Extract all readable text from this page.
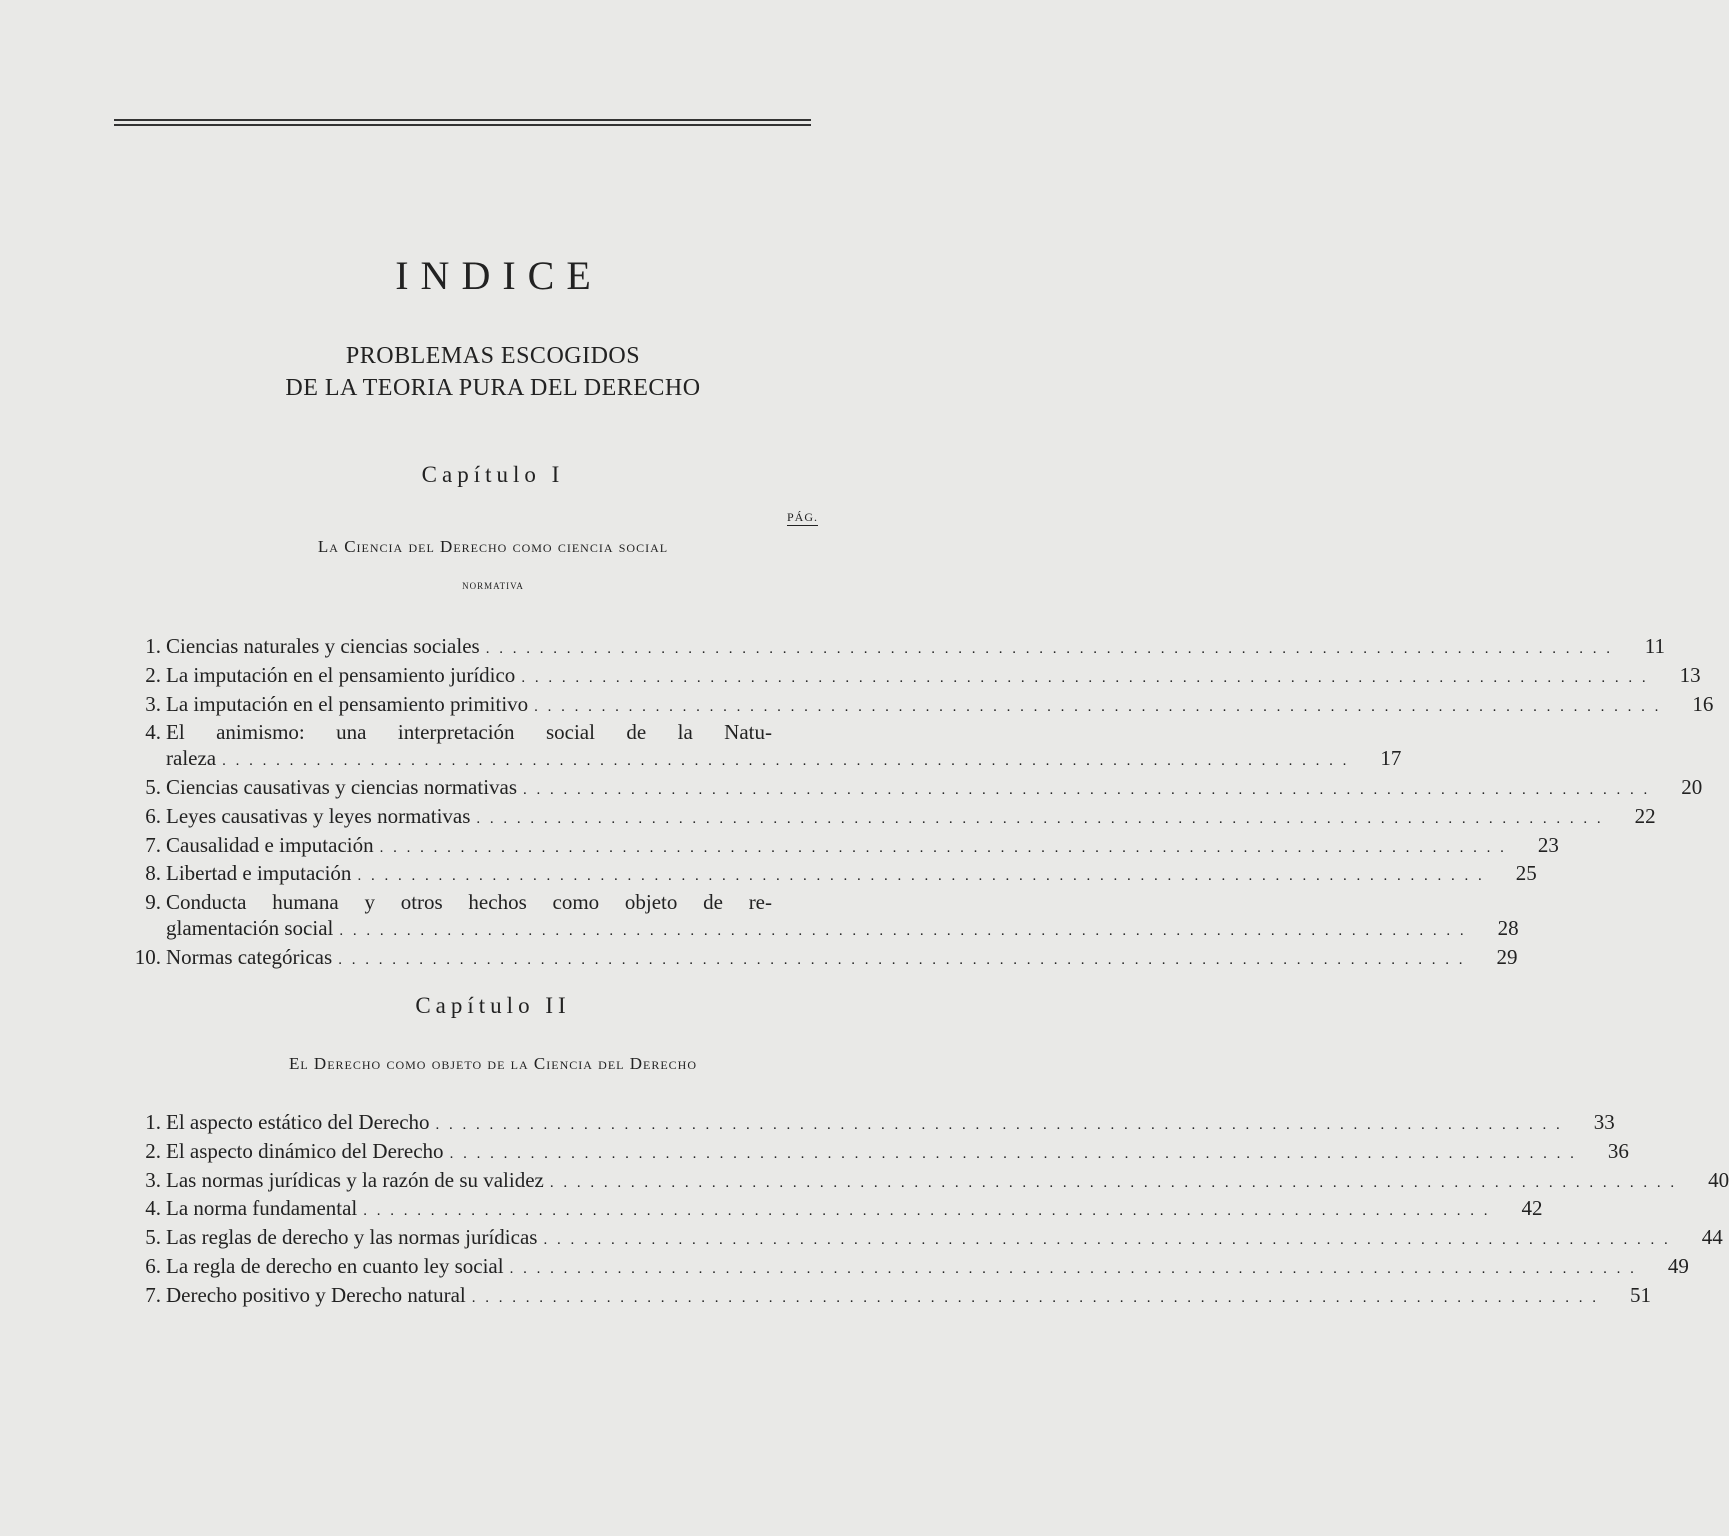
INDICE
PROBLEMAS ESCOGIDOS
DE LA TEORIA PURA DEL DERECHO
Capítulo I
PÁG.
La Ciencia del Derecho como ciencia social
normativa
1. Ciencias naturales y ciencias sociales . . . . . . . . . . . . . . . . . . . . . . . . . . . . . . . . . . . . . . . . . . . . . . . . . . . . . . . . . . . . . . . . . . . . . . . . . . . . . . . . . . . .	11
2. La imputación en el pensamiento jurídico . . . . . . . . . . . . . . . . . . . . . . . . . . . . . . . . . . . . . . . . . . . . . . . . . . . . . . . . . . . . . . . . . . . . . . . . . . . . . . . . . . . .	13
3. La imputación en el pensamiento primitivo . . . . . . . . . . . . . . . . . . . . . . . . . . . . . . . . . . . . . . . . . . . . . . . . . . . . . . . . . . . . . . . . . . . . . . . . . . . . . . . . . . . .	16
4. El animismo: una interpretación social de la Natu-
raleza . . . . . . . . . . . . . . . . . . . . . . . . . . . . . . . . . . . . . . . . . . . . . . . . . . . . . . . . . . . . . . . . . . . . . . . . . . . . . . . . . . . .	17
5. Ciencias causativas y ciencias normativas . . . . . . . . . . . . . . . . . . . . . . . . . . . . . . . . . . . . . . . . . . . . . . . . . . . . . . . . . . . . . . . . . . . . . . . . . . . . . . . . . . . .	20
6. Leyes causativas y leyes normativas . . . . . . . . . . . . . . . . . . . . . . . . . . . . . . . . . . . . . . . . . . . . . . . . . . . . . . . . . . . . . . . . . . . . . . . . . . . . . . . . . . . .	22
7. Causalidad e imputación . . . . . . . . . . . . . . . . . . . . . . . . . . . . . . . . . . . . . . . . . . . . . . . . . . . . . . . . . . . . . . . . . . . . . . . . . . . . . . . . . . . .	23
8. Libertad e imputación . . . . . . . . . . . . . . . . . . . . . . . . . . . . . . . . . . . . . . . . . . . . . . . . . . . . . . . . . . . . . . . . . . . . . . . . . . . . . . . . . . . .	25
9. Conducta humana y otros hechos como objeto de re-
glamentación social . . . . . . . . . . . . . . . . . . . . . . . . . . . . . . . . . . . . . . . . . . . . . . . . . . . . . . . . . . . . . . . . . . . . . . . . . . . . . . . . . . . .	28
10. Normas categóricas . . . . . . . . . . . . . . . . . . . . . . . . . . . . . . . . . . . . . . . . . . . . . . . . . . . . . . . . . . . . . . . . . . . . . . . . . . . . . . . . . . . .	29
Capítulo II
El Derecho como objeto de la Ciencia del Derecho
1. El aspecto estático del Derecho . . . . . . . . . . . . . . . . . . . . . . . . . . . . . . . . . . . . . . . . . . . . . . . . . . . . . . . . . . . . . . . . . . . . . . . . . . . . . . . . . . . .	33
2. El aspecto dinámico del Derecho . . . . . . . . . . . . . . . . . . . . . . . . . . . . . . . . . . . . . . . . . . . . . . . . . . . . . . . . . . . . . . . . . . . . . . . . . . . . . . . . . . . .	36
3. Las normas jurídicas y la razón de su validez . . . . . . . . . . . . . . . . . . . . . . . . . . . . . . . . . . . . . . . . . . . . . . . . . . . . . . . . . . . . . . . . . . . . . . . . . . . . . . . . . . . .	40
4. La norma fundamental . . . . . . . . . . . . . . . . . . . . . . . . . . . . . . . . . . . . . . . . . . . . . . . . . . . . . . . . . . . . . . . . . . . . . . . . . . . . . . . . . . . .	42
5. Las reglas de derecho y las normas jurídicas . . . . . . . . . . . . . . . . . . . . . . . . . . . . . . . . . . . . . . . . . . . . . . . . . . . . . . . . . . . . . . . . . . . . . . . . . . . . . . . . . . . .	44
6. La regla de derecho en cuanto ley social . . . . . . . . . . . . . . . . . . . . . . . . . . . . . . . . . . . . . . . . . . . . . . . . . . . . . . . . . . . . . . . . . . . . . . . . . . . . . . . . . . . .	49
7. Derecho positivo y Derecho natural . . . . . . . . . . . . . . . . . . . . . . . . . . . . . . . . . . . . . . . . . . . . . . . . . . . . . . . . . . . . . . . . . . . . . . . . . . . . . . . . . . . .	51
